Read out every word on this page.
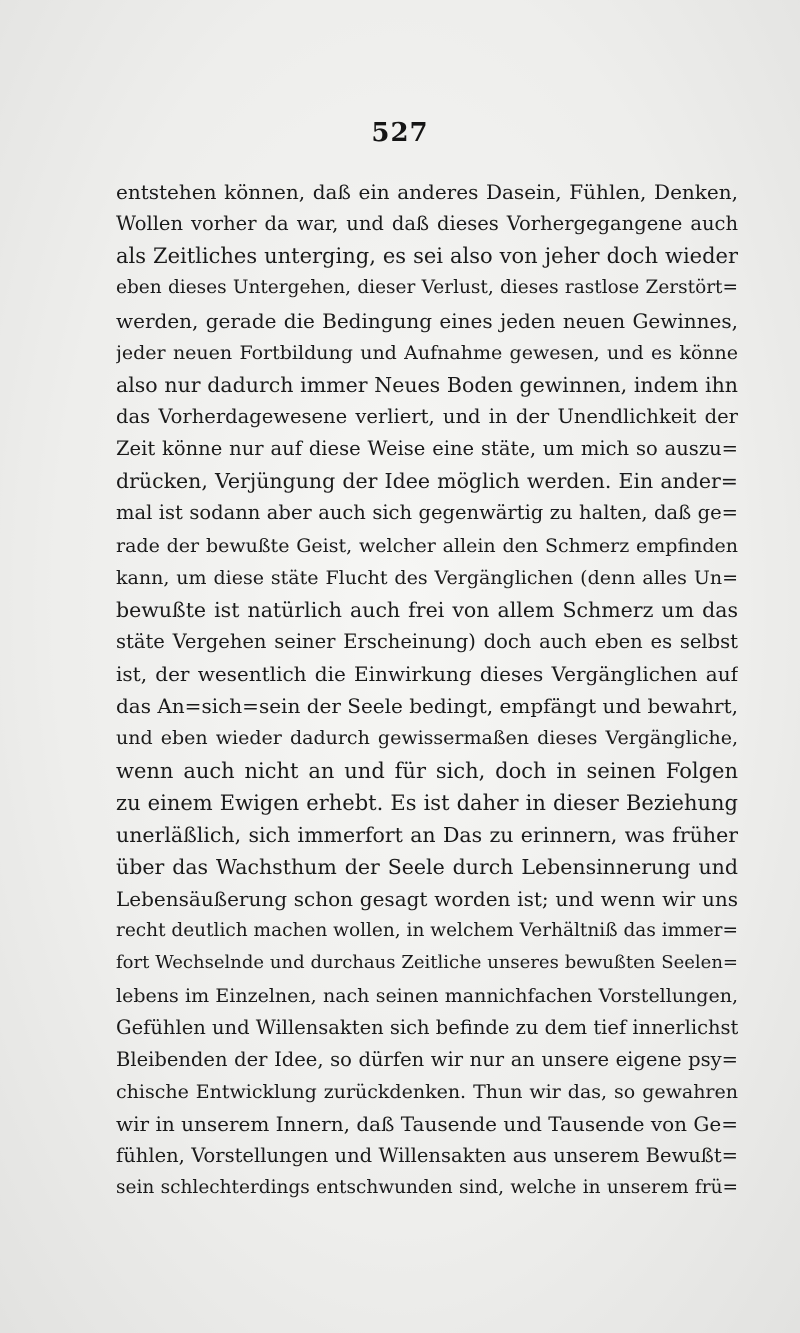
527
entstehen können, daß ein anderes Dasein, Fühlen, Denken,
Wollen vorher da war, und daß dieses Vorhergegangene auch
als Zeitliches unterging, es sei also von jeher doch wieder
eben dieses Untergehen, dieser Verlust, dieses rastlose Zerstört=
werden, gerade die Bedingung eines jeden neuen Gewinnes,
jeder neuen Fortbildung und Aufnahme gewesen, und es könne
also nur dadurch immer Neues Boden gewinnen, indem ihn
das Vorherdagewesene verliert, und in der Unendlichkeit der
Zeit könne nur auf diese Weise eine stäte, um mich so auszu=
drücken, Verjüngung der Idee möglich werden. Ein ander=
mal ist sodann aber auch sich gegenwärtig zu halten, daß ge=
rade der bewußte Geist, welcher allein den Schmerz empfinden
kann, um diese stäte Flucht des Vergänglichen (denn alles Un=
bewußte ist natürlich auch frei von allem Schmerz um das
stäte Vergehen seiner Erscheinung) doch auch eben es selbst
ist, der wesentlich die Einwirkung dieses Vergänglichen auf
das An=sich=sein der Seele bedingt, empfängt und bewahrt,
und eben wieder dadurch gewissermaßen dieses Vergängliche,
wenn auch nicht an und für sich, doch in seinen Folgen
zu einem Ewigen erhebt. Es ist daher in dieser Beziehung
unerläßlich, sich immerfort an Das zu erinnern, was früher
über das Wachsthum der Seele durch Lebensinnerung und
Lebensäußerung schon gesagt worden ist; und wenn wir uns
recht deutlich machen wollen, in welchem Verhältniß das immer=
fort Wechselnde und durchaus Zeitliche unseres bewußten Seelen=
lebens im Einzelnen, nach seinen mannichfachen Vorstellungen,
Gefühlen und Willensakten sich befinde zu dem tief innerlichst
Bleibenden der Idee, so dürfen wir nur an unsere eigene psy=
chische Entwicklung zurückdenken. Thun wir das, so gewahren
wir in unserem Innern, daß Tausende und Tausende von Ge=
fühlen, Vorstellungen und Willensakten aus unserem Bewußt=
sein schlechterdings entschwunden sind, welche in unserem frü=
